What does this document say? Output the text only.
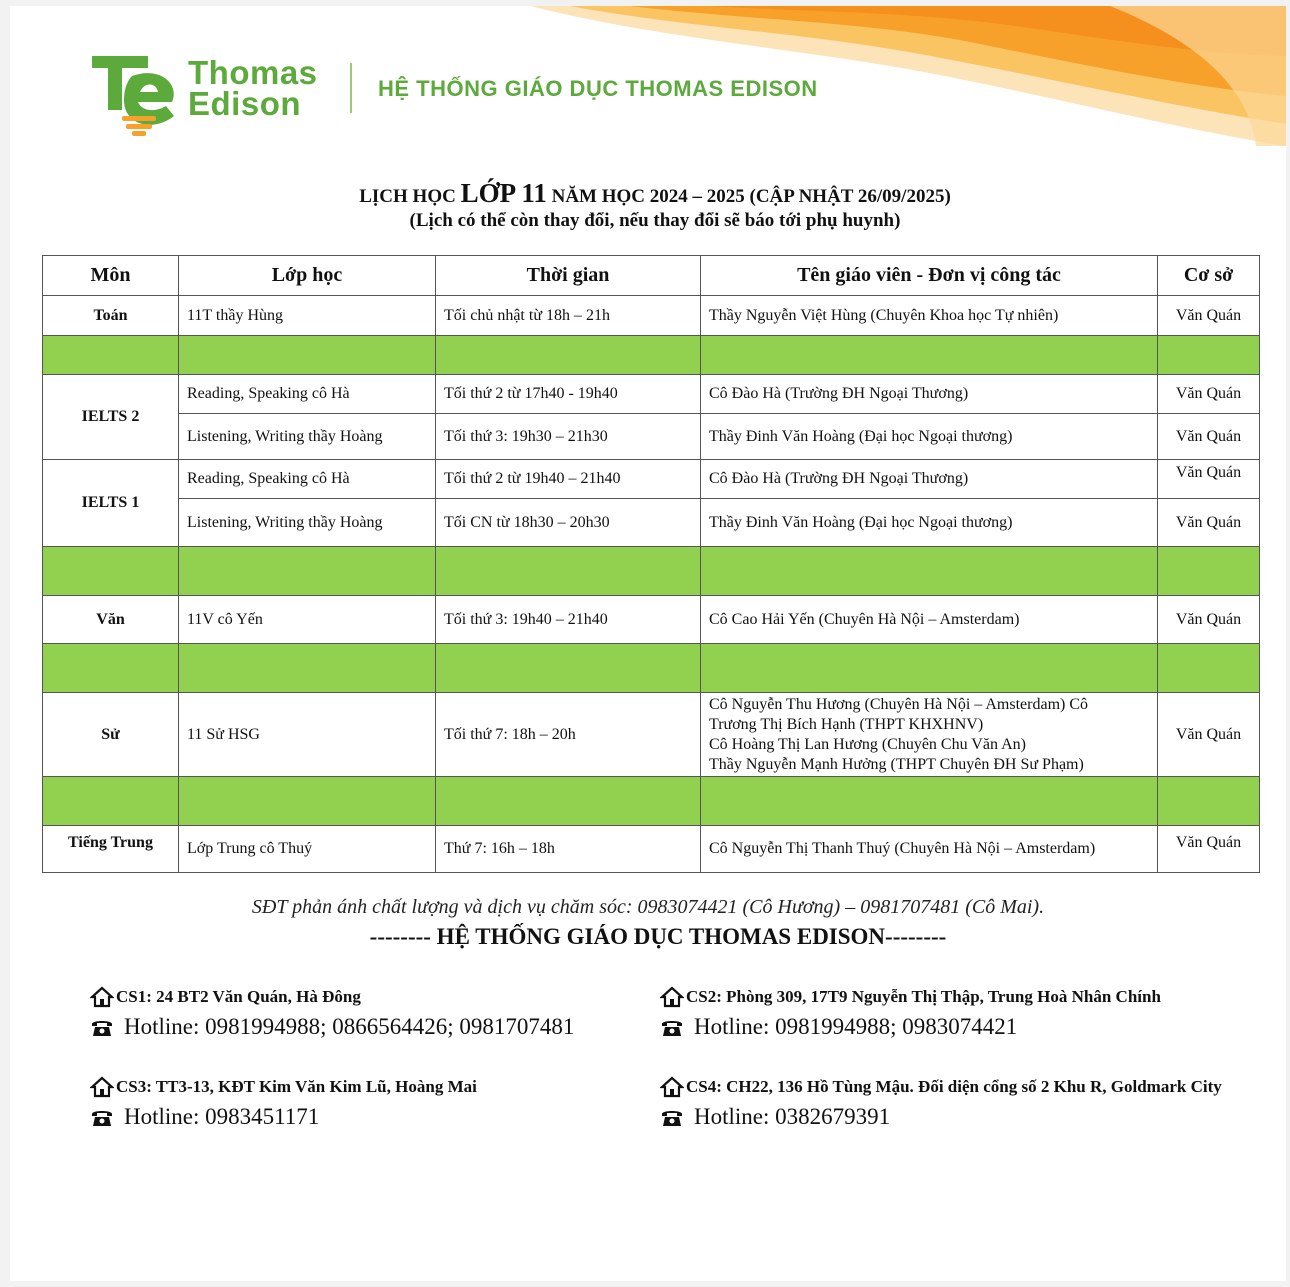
Thomas
Edison	HỆ THỐNG GIÁO DỤC THOMAS EDISON
LỊCH HỌC LỚP 11 NĂM HỌC 2024 – 2025 (CẬP NHẬT 26/09/2025)
(Lịch có thể còn thay đổi, nếu thay đổi sẽ báo tới phụ huynh)
Môn	Lớp học	Thời gian	Tên giáo viên - Đơn vị công tác	Cơ sở
Toán	11T thầy Hùng	Tối chủ nhật từ 18h – 21h	Thầy Nguyễn Việt Hùng (Chuyên Khoa học Tự nhiên)	Văn Quán

IELTS 2	Reading, Speaking cô Hà	Tối thứ 2 từ 17h40 - 19h40	Cô Đào Hà (Trường ĐH Ngoại Thương)	Văn Quán
	Listening, Writing thầy Hoàng	Tối thứ 3: 19h30 – 21h30	Thầy Đinh Văn Hoàng (Đại học Ngoại thương)	Văn Quán
IELTS 1	Reading, Speaking cô Hà	Tối thứ 2 từ 19h40 – 21h40	Cô Đào Hà (Trường ĐH Ngoại Thương)	Văn Quán
	Listening, Writing thầy Hoàng	Tối CN từ 18h30 – 20h30	Thầy Đinh Văn Hoàng (Đại học Ngoại thương)	Văn Quán

Văn	11V cô Yến	Tối thứ 3: 19h40 – 21h40	Cô Cao Hải Yến (Chuyên Hà Nội – Amsterdam)	Văn Quán

Sử	11 Sử HSG	Tối thứ 7: 18h – 20h	Cô Nguyễn Thu Hương (Chuyên Hà Nội – Amsterdam) Cô
Trương Thị Bích Hạnh (THPT KHXHNV)
Cô Hoàng Thị Lan Hương (Chuyên Chu Văn An)
Thầy Nguyễn Mạnh Hưởng (THPT Chuyên ĐH Sư Phạm)	Văn Quán

Tiếng Trung	Lớp Trung cô Thuý	Thứ 7: 16h – 18h	Cô Nguyễn Thị Thanh Thuý (Chuyên Hà Nội – Amsterdam)	Văn Quán
SĐT phản ánh chất lượng và dịch vụ chăm sóc: 0983074421 (Cô Hương) – 0981707481 (Cô Mai).
-------- HỆ THỐNG GIÁO DỤC THOMAS EDISON--------
CS1: 24 BT2 Văn Quán, Hà Đông
Hotline: 0981994988; 0866564426; 0981707481
CS2: Phòng 309, 17T9 Nguyễn Thị Thập, Trung Hoà Nhân Chính
Hotline: 0981994988; 0983074421
CS3: TT3-13, KĐT Kim Văn Kim Lũ, Hoàng Mai
Hotline: 0983451171
CS4: CH22, 136 Hồ Tùng Mậu. Đối diện cổng số 2 Khu R, Goldmark City
Hotline: 0382679391
